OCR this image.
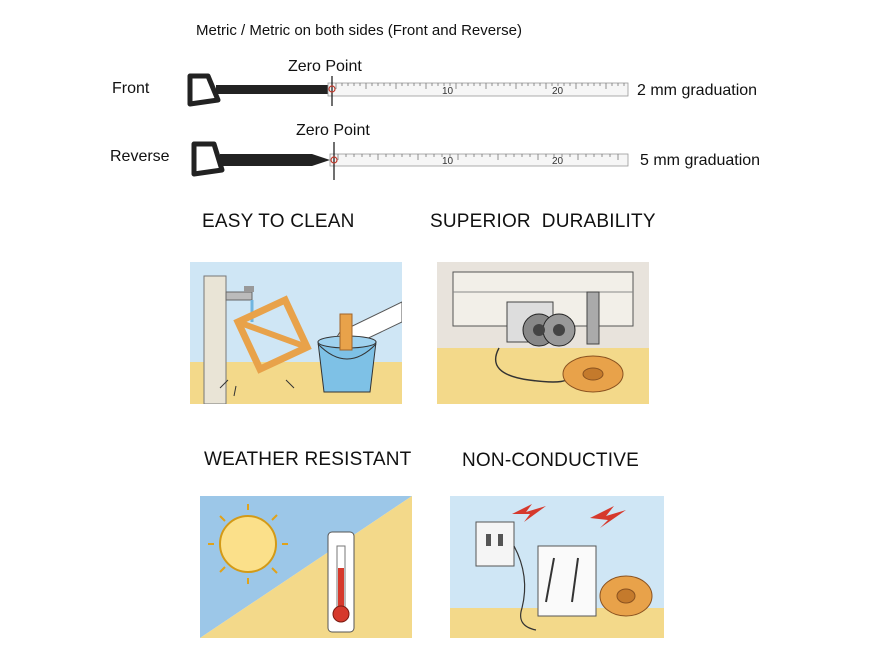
Metric / Metric on both sides (Front and Reverse)
Front
Zero Point
2 mm graduation
10	20
Reverse
Zero Point
5 mm graduation
10	20
EASY TO CLEAN	SUPERIOR  DURABILITY
WEATHER RESISTANT	NON-CONDUCTIVE
